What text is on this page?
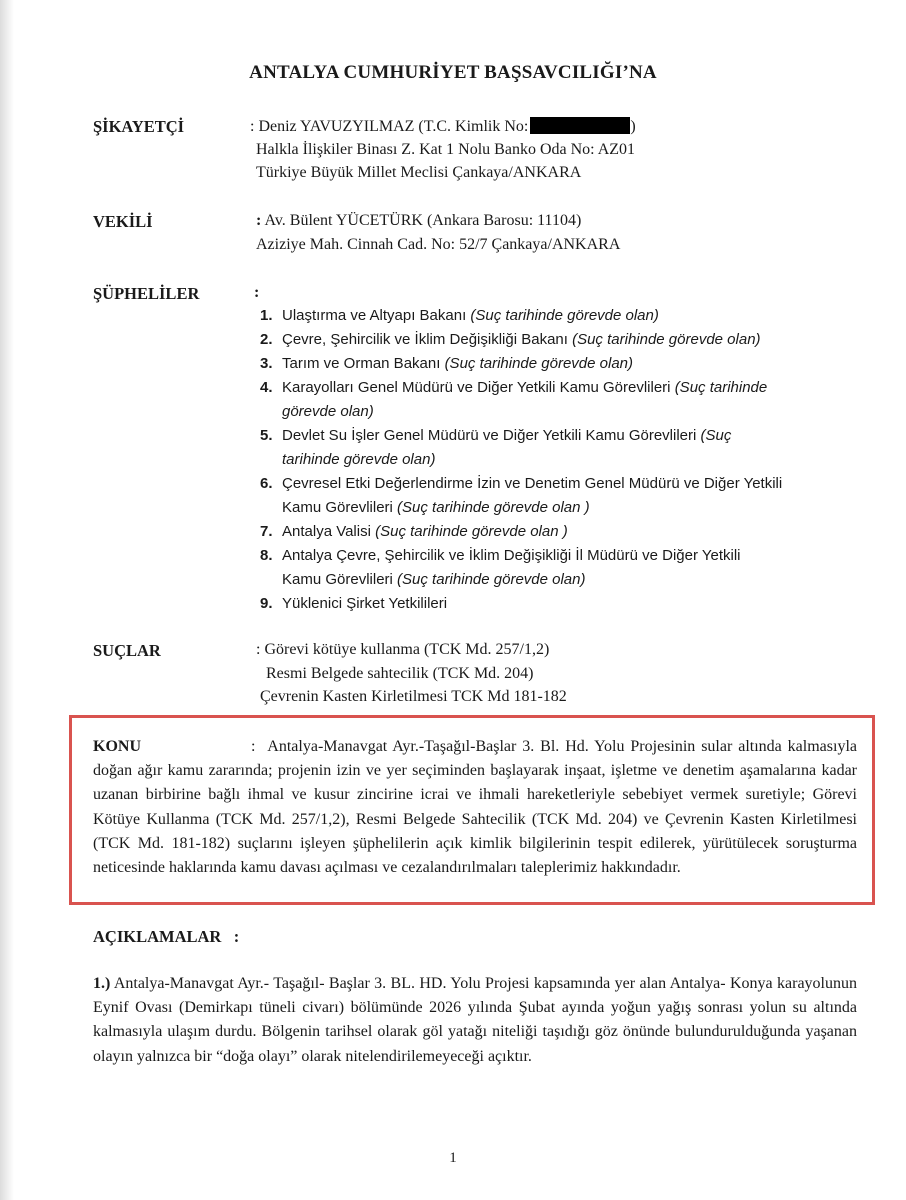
ANTALYA CUMHURİYET BAŞSAVCILIĞI’NA
ŞİKAYETÇİ	: Deniz YAVUZYILMAZ (T.C. Kimlik No:	)
Halkla İlişkiler Binası Z. Kat 1 Nolu Banko Oda No: AZ01
Türkiye Büyük Millet Meclisi Çankaya/ANKARA
VEKİLİ	: Av. Bülent YÜCETÜRK (Ankara Barosu: 11104)
Aziziye Mah. Cinnah Cad. No: 52/7 Çankaya/ANKARA
ŞÜPHELİLER	:
1. Ulaştırma ve Altyapı Bakanı (Suç tarihinde görevde olan)
2. Çevre, Şehircilik ve İklim Değişikliği Bakanı (Suç tarihinde görevde olan)
3. Tarım ve Orman Bakanı (Suç tarihinde görevde olan)
4. Karayolları Genel Müdürü ve Diğer Yetkili Kamu Görevlileri (Suç tarihinde
görevde olan)
5. Devlet Su İşler Genel Müdürü ve Diğer Yetkili Kamu Görevlileri (Suç
tarihinde görevde olan)
6. Çevresel Etki Değerlendirme İzin ve Denetim Genel Müdürü ve Diğer Yetkili
Kamu Görevlileri (Suç tarihinde görevde olan )
7. Antalya Valisi (Suç tarihinde görevde olan )
8. Antalya Çevre, Şehircilik ve İklim Değişikliği İl Müdürü ve Diğer Yetkili
Kamu Görevlileri (Suç tarihinde görevde olan)
9. Yüklenici Şirket Yetkilileri
SUÇLAR	: Görevi kötüye kullanma (TCK Md. 257/1,2)
Resmi Belgede sahtecilik (TCK Md. 204)
Çevrenin Kasten Kirletilmesi TCK Md 181-182
KONU	: Antalya-Manavgat Ayr.-Taşağıl-Başlar 3. Bl. Hd. Yolu Projesinin sular altında kalmasıyla doğan ağır kamu zararında; projenin izin ve yer seçiminden başlayarak inşaat, işletme ve denetim aşamalarına kadar uzanan birbirine bağlı ihmal ve kusur zincirine icrai ve ihmali hareketleriyle sebebiyet vermek suretiyle; Görevi Kötüye Kullanma (TCK Md. 257/1,2), Resmi Belgede Sahtecilik (TCK Md. 204) ve Çevrenin Kasten Kirletilmesi (TCK Md. 181-182) suçlarını işleyen şüphelilerin açık kimlik bilgilerinin tespit edilerek, yürütülecek soruşturma neticesinde haklarında kamu davası açılması ve cezalandırılmaları taleplerimiz hakkındadır.
AÇIKLAMALAR :
1.) Antalya-Manavgat Ayr.- Taşağıl- Başlar 3. BL. HD. Yolu Projesi kapsamında yer alan Antalya- Konya karayolunun Eynif Ovası (Demirkapı tüneli civarı) bölümünde 2026 yılında Şubat ayında yoğun yağış sonrası yolun su altında kalmasıyla ulaşım durdu. Bölgenin tarihsel olarak göl yatağı niteliği taşıdığı göz önünde bulundurulduğunda yaşanan olayın yalnızca bir “doğa olayı” olarak nitelendirilemeyeceği açıktır.
1
